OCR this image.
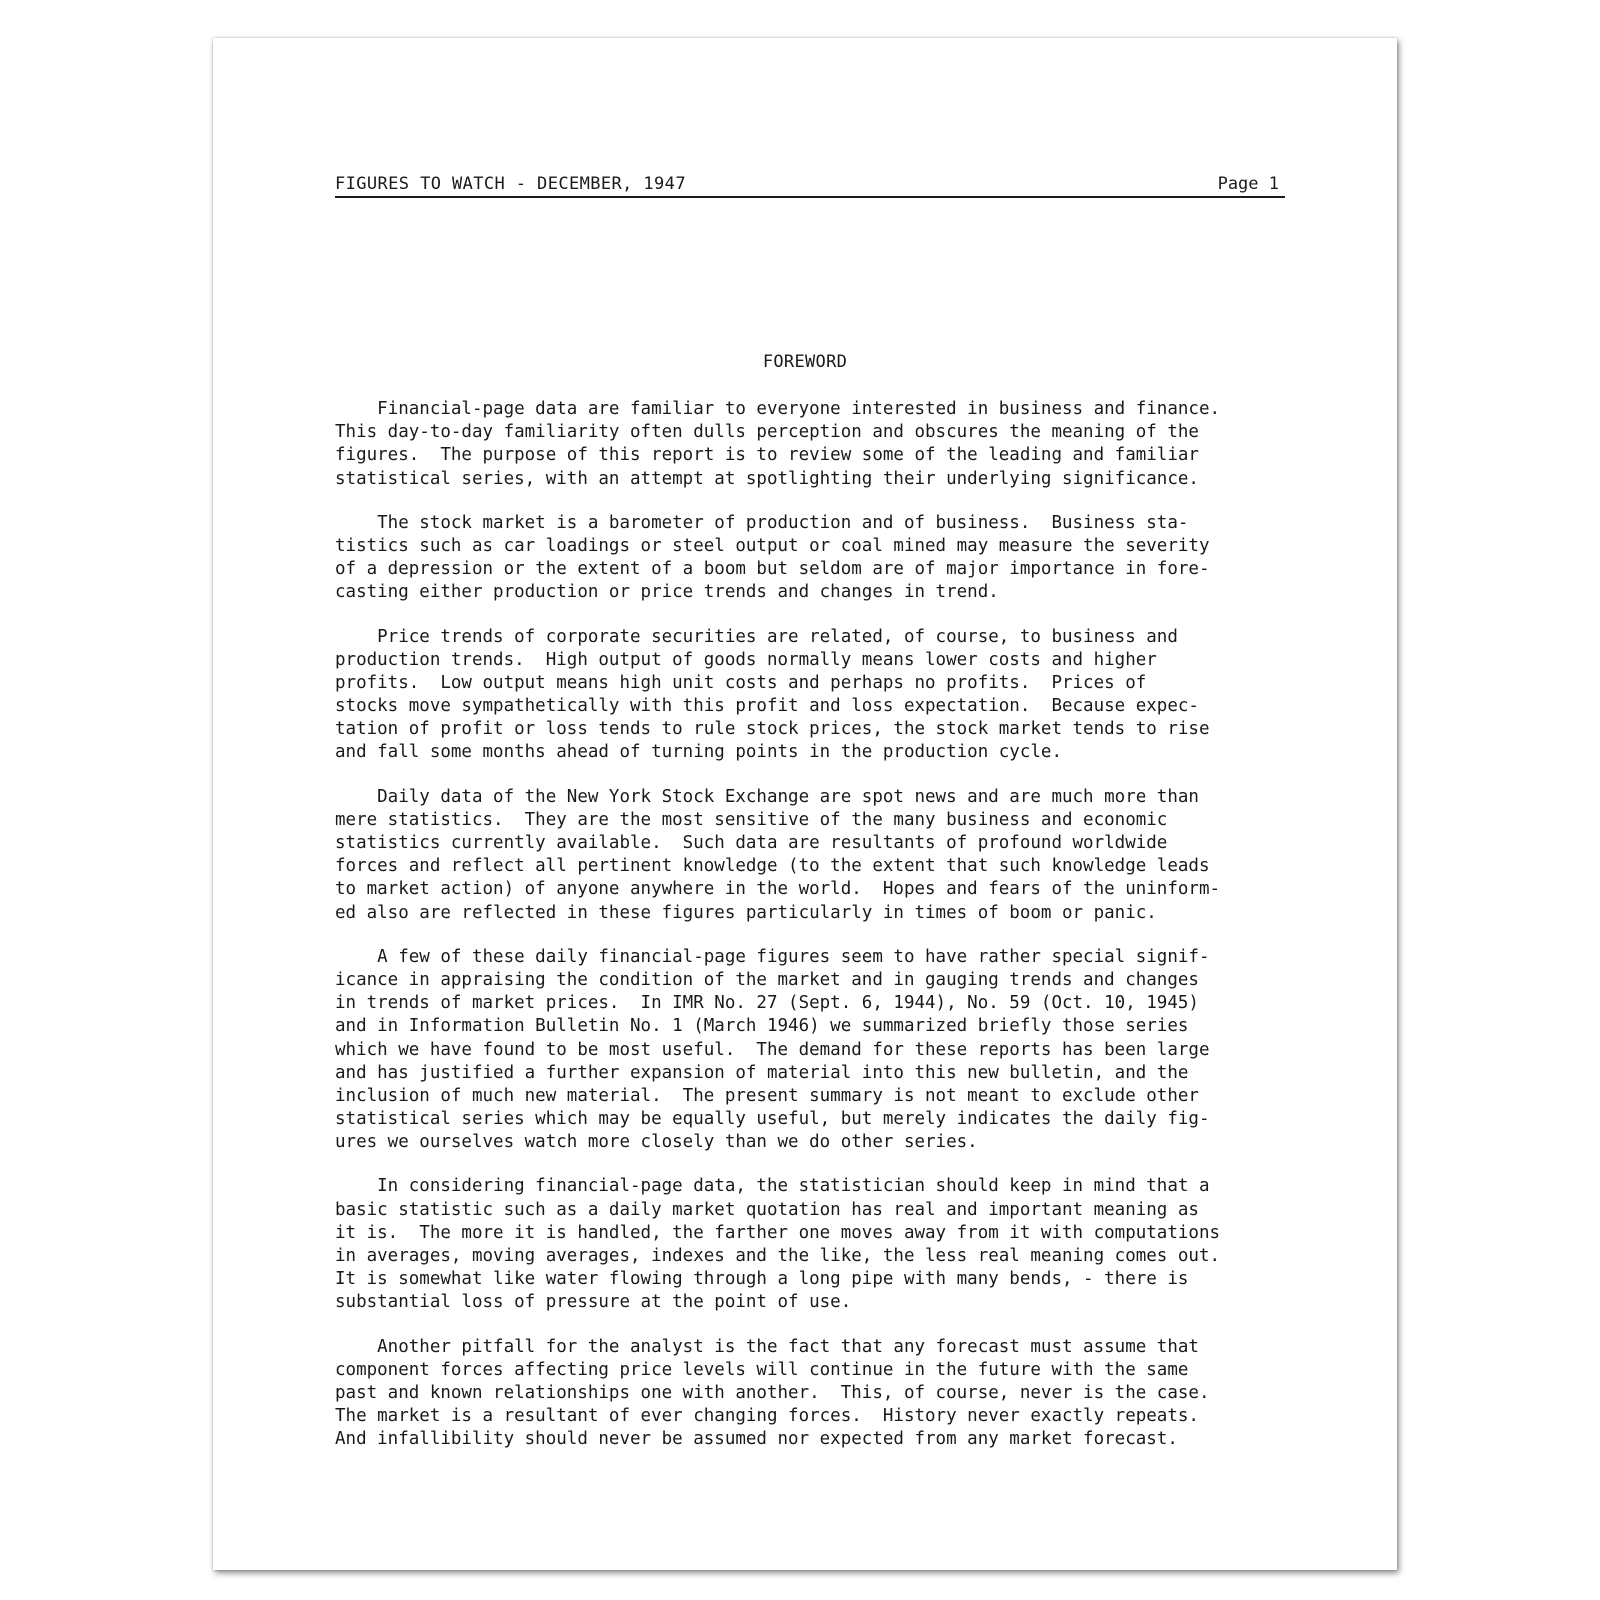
FIGURES TO WATCH - DECEMBER, 1947	Page 1
FOREWORD
Financial-page data are familiar to everyone interested in business and finance.
This day-to-day familiarity often dulls perception and obscures the meaning of the
figures.  The purpose of this report is to review some of the leading and familiar
statistical series, with an attempt at spotlighting their underlying significance.
The stock market is a barometer of production and of business.  Business sta-
tistics such as car loadings or steel output or coal mined may measure the severity
of a depression or the extent of a boom but seldom are of major importance in fore-
casting either production or price trends and changes in trend.
Price trends of corporate securities are related, of course, to business and
production trends.  High output of goods normally means lower costs and higher
profits.  Low output means high unit costs and perhaps no profits.  Prices of
stocks move sympathetically with this profit and loss expectation.  Because expec-
tation of profit or loss tends to rule stock prices, the stock market tends to rise
and fall some months ahead of turning points in the production cycle.
Daily data of the New York Stock Exchange are spot news and are much more than
mere statistics.  They are the most sensitive of the many business and economic
statistics currently available.  Such data are resultants of profound worldwide
forces and reflect all pertinent knowledge (to the extent that such knowledge leads
to market action) of anyone anywhere in the world.  Hopes and fears of the uninform-
ed also are reflected in these figures particularly in times of boom or panic.
A few of these daily financial-page figures seem to have rather special signif-
icance in appraising the condition of the market and in gauging trends and changes
in trends of market prices.  In IMR No. 27 (Sept. 6, 1944), No. 59 (Oct. 10, 1945)
and in Information Bulletin No. 1 (March 1946) we summarized briefly those series
which we have found to be most useful.  The demand for these reports has been large
and has justified a further expansion of material into this new bulletin, and the
inclusion of much new material.  The present summary is not meant to exclude other
statistical series which may be equally useful, but merely indicates the daily fig-
ures we ourselves watch more closely than we do other series.
In considering financial-page data, the statistician should keep in mind that a
basic statistic such as a daily market quotation has real and important meaning as
it is.  The more it is handled, the farther one moves away from it with computations
in averages, moving averages, indexes and the like, the less real meaning comes out.
It is somewhat like water flowing through a long pipe with many bends, - there is
substantial loss of pressure at the point of use.
Another pitfall for the analyst is the fact that any forecast must assume that
component forces affecting price levels will continue in the future with the same
past and known relationships one with another.  This, of course, never is the case.
The market is a resultant of ever changing forces.  History never exactly repeats.
And infallibility should never be assumed nor expected from any market forecast.
